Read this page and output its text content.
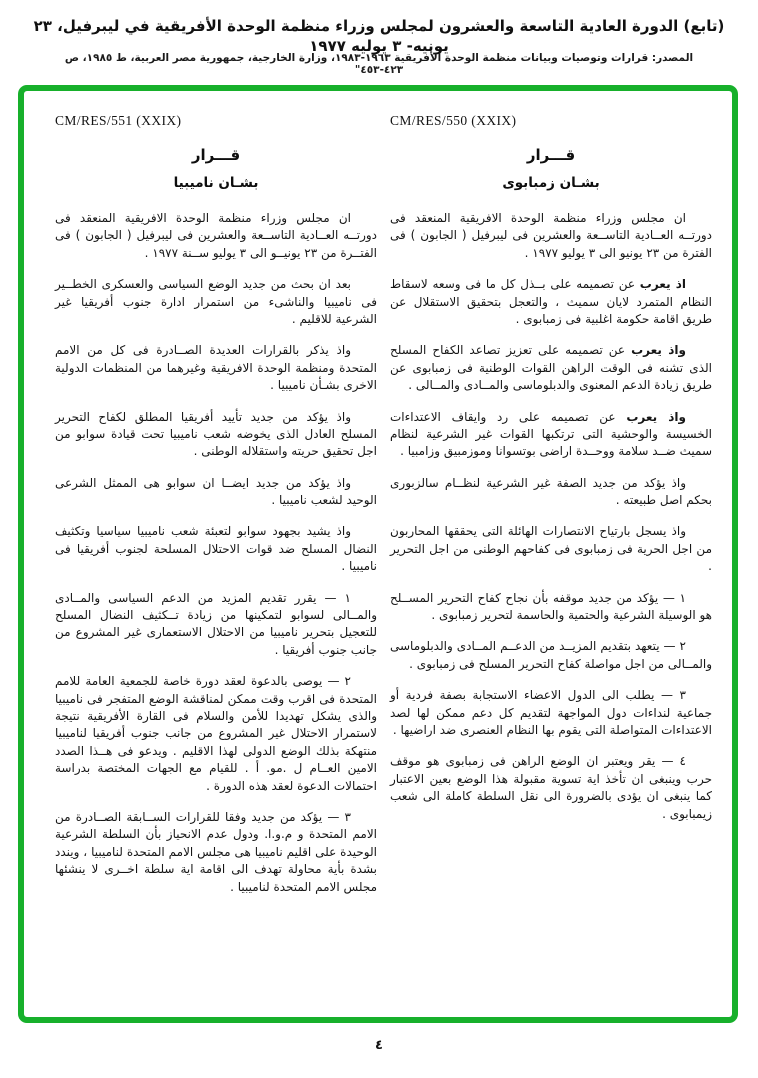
(تابع) الدورة العادية التاسعة والعشرون لمجلس وزراء منظمة الوحدة الأفريقية في ليبرفيل، ٢٣ يونيه- ٣ يوليه ١٩٧٧
المصدر: قرارات وتوصيات وبيانات منظمة الوحدة الأفريقية ١٩٦٣-١٩٨٣، وزارة الخارجية، جمهورية مصر العربية، ط ١٩٨٥، ص ٤٢٣-٤٥٣"
CM/RES/550 (XXIX)
قـــرار
بشـان زمبابوى

ان مجلس وزراء منظمة الوحدة الافريقية المنعقد فى دورتــه العــادية التاســعة والعشرين فى ليبرفيل ( الجابون ) فى الفترة من ٢٣ يونيو الى ٣ يوليو ١٩٧٧ .

اذ يعرب عن تصميمه على بــذل كل ما فى وسعه لاسقاط النظام المتمرد لايان سميث ، والتعجل بتحقيق الاستقلال عن طريق اقامة حكومة اغلبية فى زمبابوى .

واذ يعرب عن تصميمه على تعزيز تصاعد الكفاح المسلح الذى تشنه فى الوقت الراهن القوات الوطنية فى زمبابوى عن طريق زيادة الدعم المعنوى والدبلوماسى والمــادى والمــالى .

واذ يعرب عن تصميمه على رد وايقاف الاعتداءات الخسيسة والوحشية التى ترتكبها القوات غير الشرعية لنظام سميث ضــد سلامة ووحــدة اراضى بوتسوانا وموزمبيق وزامبيا .

واذ يؤكد من جديد الصفة غير الشرعية لنظــام سالزبورى بحكم اصل طبيعته .

واذ يسجل بارتياح الانتصارات الهائلة التى يحققها المحاربون من اجل الحرية فى زمبابوى فى كفاحهم الوطنى من اجل التحرير .

١ — يؤكد من جديد موقفه بأن نجاح كفاح التحرير المســلح هو الوسيلة الشرعية والحتمية والحاسمة لتحرير زمبابوى .

٢ — يتعهد بتقديم المزيــد من الدعــم المــادى والدبلوماسى والمــالى من اجل مواصلة كفاح التحرير المسلح فى زمبابوى .

٣ — يطلب الى الدول الاعضاء الاستجابة بصفة فردية أو جماعية لنداءات دول المواجهة لتقديم كل دعم ممكن لها لصد الاعتداءات المتواصلة التى يقوم بها النظام العنصرى ضد اراضيها .

٤ — يقر ويعتبر ان الوضع الراهن فى زمبابوى هو موقف حرب وينبغى ان تأخذ اية تسوية مقبولة هذا الوضع بعين الاعتبار كما ينبغى ان يؤدى بالضرورة الى نقل السلطة كاملة الى شعب زيمبابوى .

CM/RES/551 (XXIX)
قـــرار
بشـان ناميبيا

ان مجلس وزراء منظمة الوحدة الافريقية المنعقد فى دورتــه العــادية التاســعة والعشرين فى ليبرفيل ( الجابون ) فى الفتــرة من ٢٣ يونيــو الى ٣ يوليو ســنة ١٩٧٧ .

بعد ان بحث من جديد الوضع السياسى والعسكرى الخطــير فى ناميبيا والناشىء من استمرار ادارة جنوب أفريقيا غير الشرعية للاقليم .

واذ يذكر بالقرارات العديدة الصــادرة فى كل من الامم المتحدة ومنظمة الوحدة الافريقية وغيرهما من المنظمات الدولية الاخرى بشـأن ناميبيا .

واذ يؤكد من جديد تأييد أفريقيا المطلق لكفاح التحرير المسلح العادل الذى يخوضه شعب ناميبيا تحت قيادة سوابو من اجل تحقيق حريته واستقلاله الوطنى .

واذ يؤكد من جديد ايضــا ان سوابو هى الممثل الشرعى الوحيد لشعب ناميبيا .

واذ يشيد بجهود سوابو لتعبئة شعب ناميبيا سياسيا وتكثيف النضال المسلح ضد قوات الاحتلال المسلحة لجنوب أفريقيا فى ناميبيا .

١ — يقرر تقديم المزيد من الدعم السياسى والمــادى والمــالى لسوابو لتمكينها من زيادة تــكثيف النضال المسلح للتعجيل بتحرير ناميبيا من الاحتلال الاستعمارى غير المشروع من جانب جنوب أفريقيا .

٢ — يوصى بالدعوة لعقد دورة خاصة للجمعية العامة للامم المتحدة فى اقرب وقت ممكن لمناقشة الوضع المتفجر فى ناميبيا والذى يشكل تهديدا للأمن والسلام فى القارة الأفريقية نتيجة لاستمرار الاحتلال غير المشروع من جانب جنوب أفريقيا لناميبيا منتهكة بذلك الوضع الدولى لهذا الاقليم . ويدعو فى هــذا الصدد الامين العــام ل .مو. أ . للقيام مع الجهات المختصة بدراسة احتمالات الدعوة لعقد هذه الدورة .

٣ — يؤكد من جديد وفقا للقرارات الســابقة الصــادرة من الامم المتحدة و م.و.ا. ودول عدم الانحياز بأن السلطة الشرعية الوحيدة على اقليم ناميبيا هى مجلس الامم المتحدة لناميبيا ، ويندد بشدة بأية محاولة تهدف الى اقامة اية سلطة اخــرى لا ينشئها مجلس الامم المتحدة لناميبيا .

٤
